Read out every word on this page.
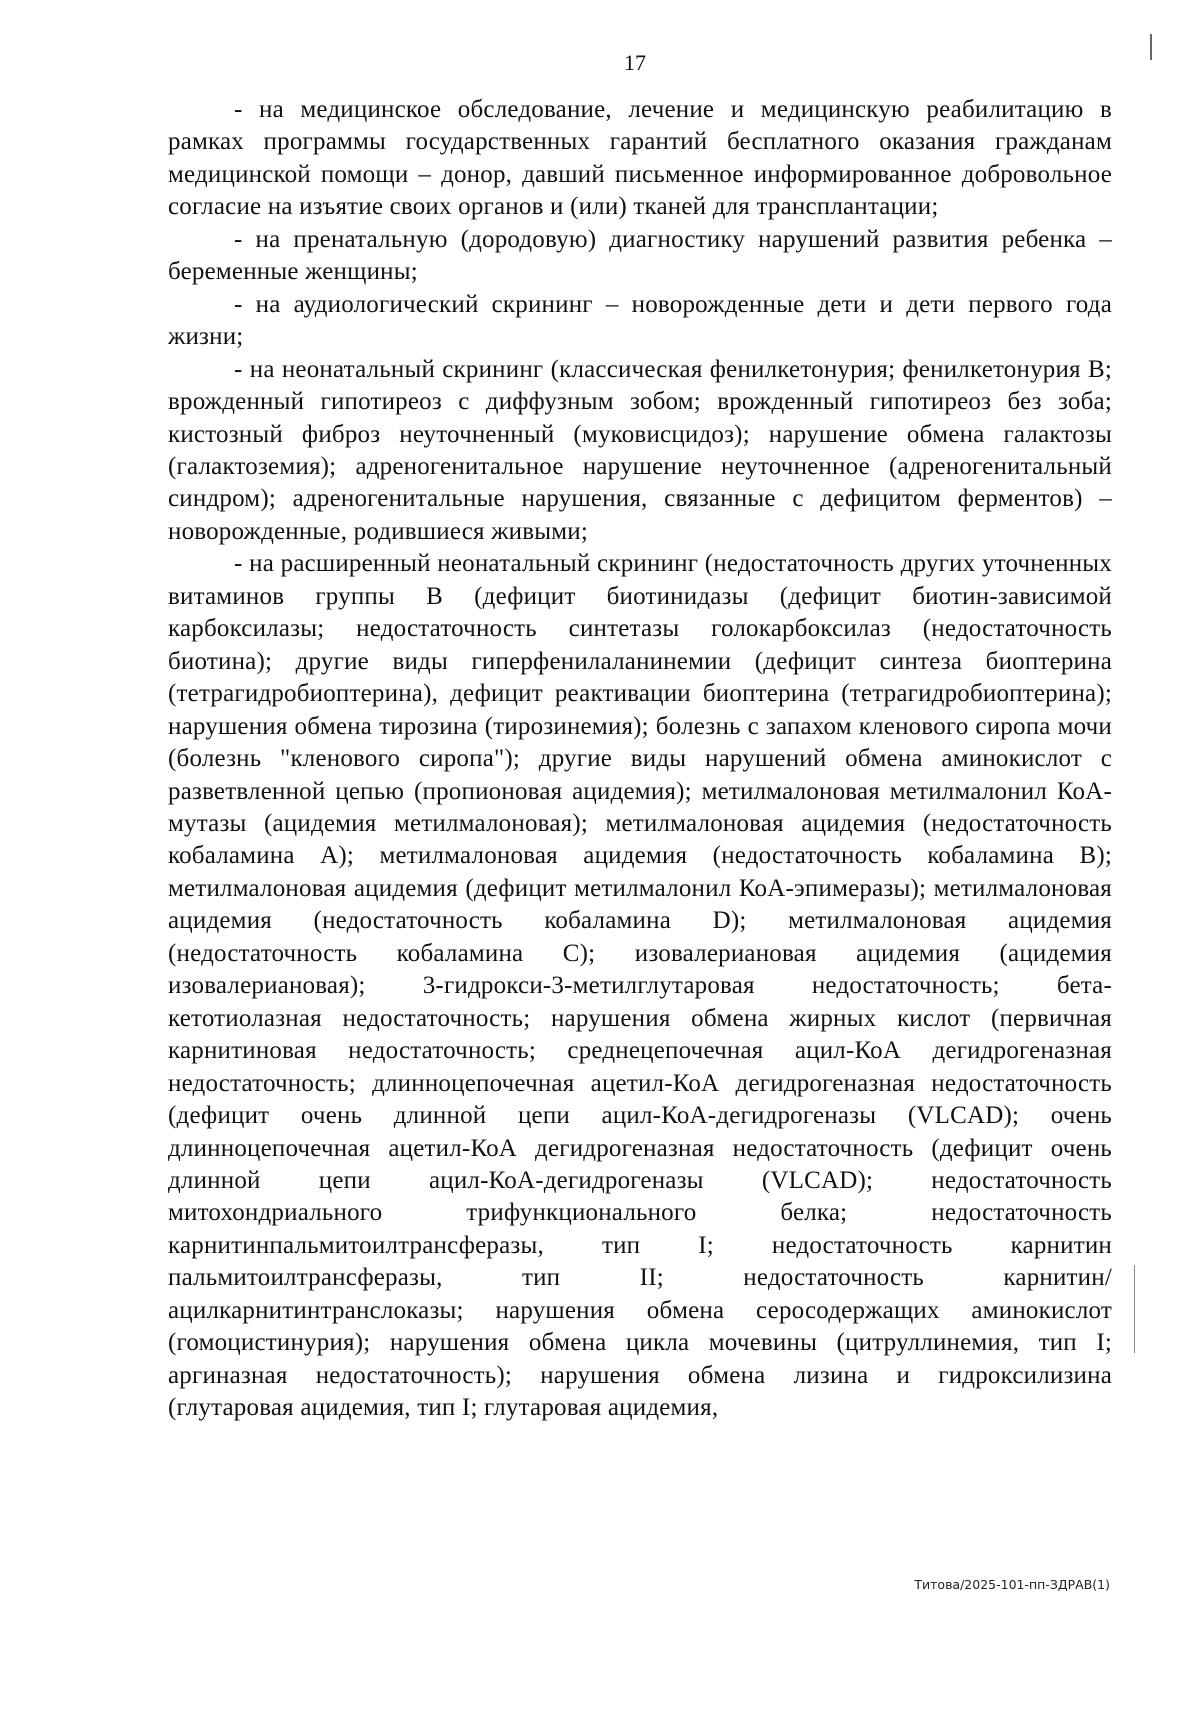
17

- на медицинское обследование, лечение и медицинскую реабилитацию в рамках программы государственных гарантий бесплатного оказания гражданам медицинской помощи – донор, давший письменное информированное добровольное согласие на изъятие своих органов и (или) тканей для трансплантации;

- на пренатальную (дородовую) диагностику нарушений развития ребенка – беременные женщины;

- на аудиологический скрининг – новорожденные дети и дети первого года жизни;

- на неонатальный скрининг (классическая фенилкетонурия; фенилкетонурия B; врожденный гипотиреоз с диффузным зобом; врожденный гипотиреоз без зоба; кистозный фиброз неуточненный (муковисцидоз); нарушение обмена галактозы (галактоземия); адреногенитальное нарушение неуточненное (адреногенитальный синдром); адреногенитальные нарушения, связанные с дефицитом ферментов) – новорожденные, родившиеся живыми;

- на расширенный неонатальный скрининг (недостаточность других уточненных витаминов группы B (дефицит биотинидазы (дефицит биотин-зависимой карбоксилазы; недостаточность синтетазы голокарбоксилаз (недостаточность биотина); другие виды гиперфенилаланинемии (дефицит синтеза биоптерина (тетрагидробиоптерина), дефицит реактивации биоптерина (тетрагидробиоптерина); нарушения обмена тирозина (тирозинемия); болезнь с запахом кленового сиропа мочи (болезнь "кленового сиропа"); другие виды нарушений обмена аминокислот с разветвленной цепью (пропионовая ацидемия); метилмалоновая метилмалонил КоА-мутазы (ацидемия метилмалоновая); метилмалоновая ацидемия (недостаточность кобаламина A); метилмалоновая ацидемия (недостаточность кобаламина B); метилмалоновая ацидемия (дефицит метилмалонил КоА-эпимеразы); метилмалоновая ацидемия (недостаточность кобаламина D); метилмалоновая ацидемия (недостаточность кобаламина C); изовалериановая ацидемия (ацидемия изовалериановая); 3-гидрокси-3-метилглутаровая недостаточность; бета-кетотиолазная недостаточность; нарушения обмена жирных кислот (первичная карнитиновая недостаточность; среднецепочечная ацил-КоА дегидрогеназная недостаточность; длинноцепочечная ацетил-КоА дегидрогеназная недостаточность (дефицит очень длинной цепи ацил-КоА-дегидрогеназы (VLCAD); очень длинноцепочечная ацетил-КоА дегидрогеназная недостаточность (дефицит очень длинной цепи ацил-КоА-дегидрогеназы (VLCAD); недостаточность митохондриального трифункционального белка; недостаточность карнитинпальмитоилтрансферазы, тип I; недостаточность карнитин пальмитоилтрансферазы, тип II; недостаточность карнитин/ацилкарнитинтранслоказы; нарушения обмена серосодержащих аминокислот (гомоцистинурия); нарушения обмена цикла мочевины (цитруллинемия, тип I; аргиназная недостаточность); нарушения обмена лизина и гидроксилизина (глутаровая ацидемия, тип I; глутаровая ацидемия,

Титова/2025-101-пп-ЗДРАВ(1)
